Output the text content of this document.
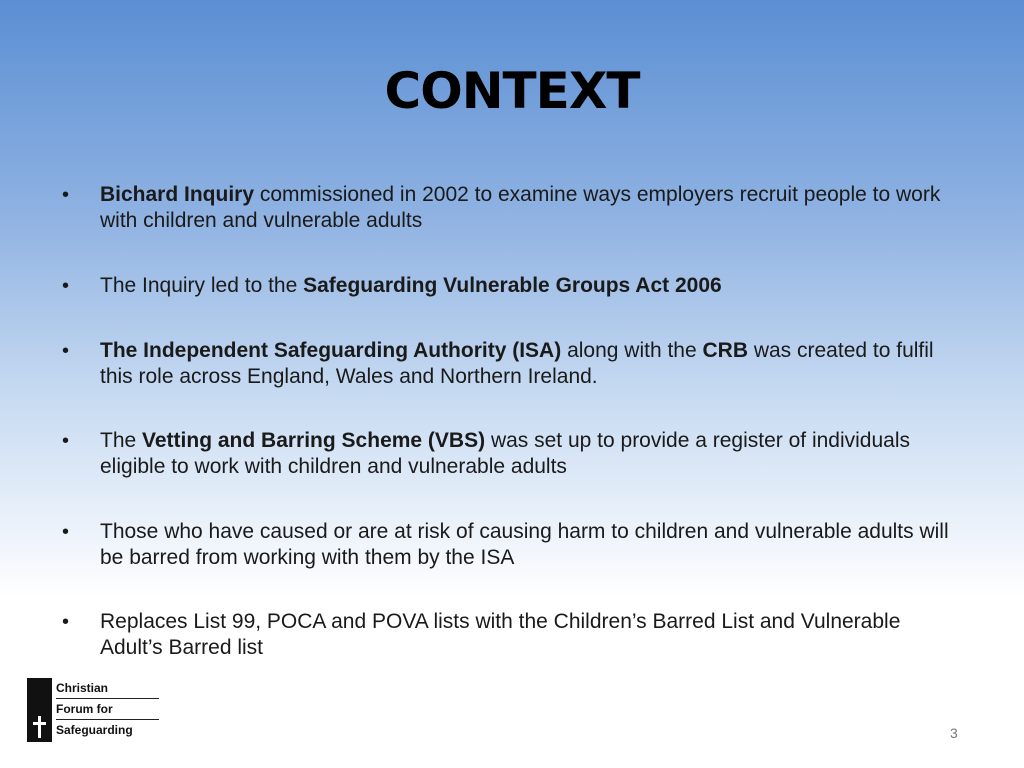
CONTEXT
• Bichard Inquiry commissioned in 2002 to examine ways employers recruit people to work with children and vulnerable adults
• The Inquiry led to the Safeguarding Vulnerable Groups Act 2006
• The Independent Safeguarding Authority (ISA) along with the CRB was created to fulfil this role across England, Wales and Northern Ireland.
• The Vetting and Barring Scheme (VBS) was set up to provide a register of individuals eligible to work with children and vulnerable adults
• Those who have caused or are at risk of causing harm to children and vulnerable adults will be barred from working with them by the ISA
• Replaces List 99, POCA and POVA lists with the Children’s Barred List and Vulnerable Adult’s Barred list
Christian
Forum for
Safeguarding	3
